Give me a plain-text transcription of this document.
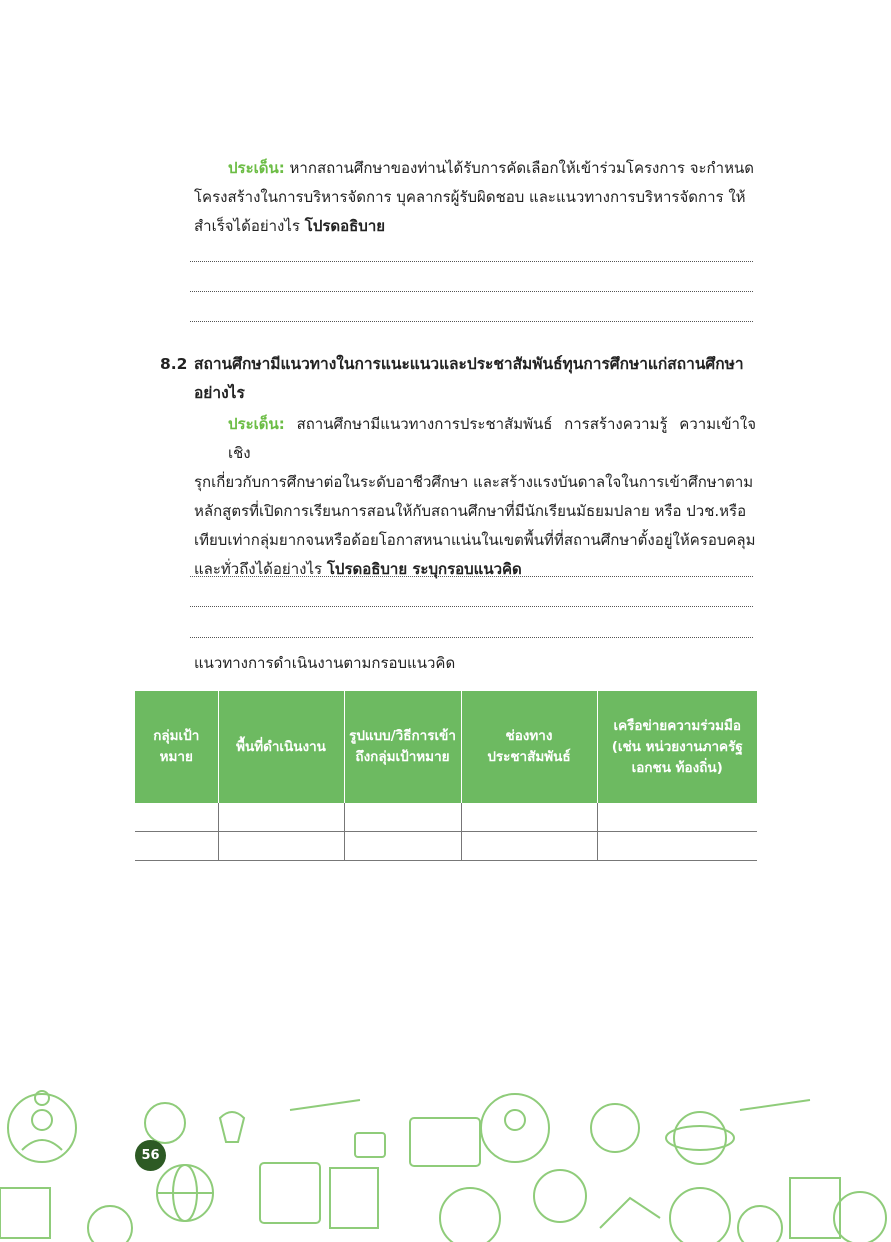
ประเด็น: หากสถานศึกษาของท่านได้รับการคัดเลือกให้เข้าร่วมโครงการ จะกำหนด
โครงสร้างในการบริหารจัดการ บุคลากรผู้รับผิดชอบ และแนวทางการบริหารจัดการ ให้
สำเร็จได้อย่างไร โปรดอธิบาย
8.2 สถานศึกษามีแนวทางในการแนะแนวและประชาสัมพันธ์ทุนการศึกษาแก่สถานศึกษา
อย่างไร
ประเด็น: สถานศึกษามีแนวทางการประชาสัมพันธ์ การสร้างความรู้ ความเข้าใจเชิง
รุกเกี่ยวกับการศึกษาต่อในระดับอาชีวศึกษา และสร้างแรงบันดาลใจในการเข้าศึกษาตาม
หลักสูตรที่เปิดการเรียนการสอนให้กับสถานศึกษาที่มีนักเรียนมัธยมปลาย หรือ ปวช.หรือ
เทียบเท่ากลุ่มยากจนหรือด้อยโอกาสหนาแน่นในเขตพื้นที่ที่สถานศึกษาตั้งอยู่ให้ครอบคลุม
และทั่วถึงได้อย่างไร โปรดอธิบาย ระบุกรอบแนวคิด
แนวทางการดำเนินงานตามกรอบแนวคิด
กลุ่มเป้าหมาย	พื้นที่ดำเนินงาน	รูปแบบ/วิธีการเข้าถึงกลุ่มเป้าหมาย	ช่องทางประชาสัมพันธ์	เครือข่ายความร่วมมือ (เช่น หน่วยงานภาครัฐ เอกชน ท้องถิ่น)

56
